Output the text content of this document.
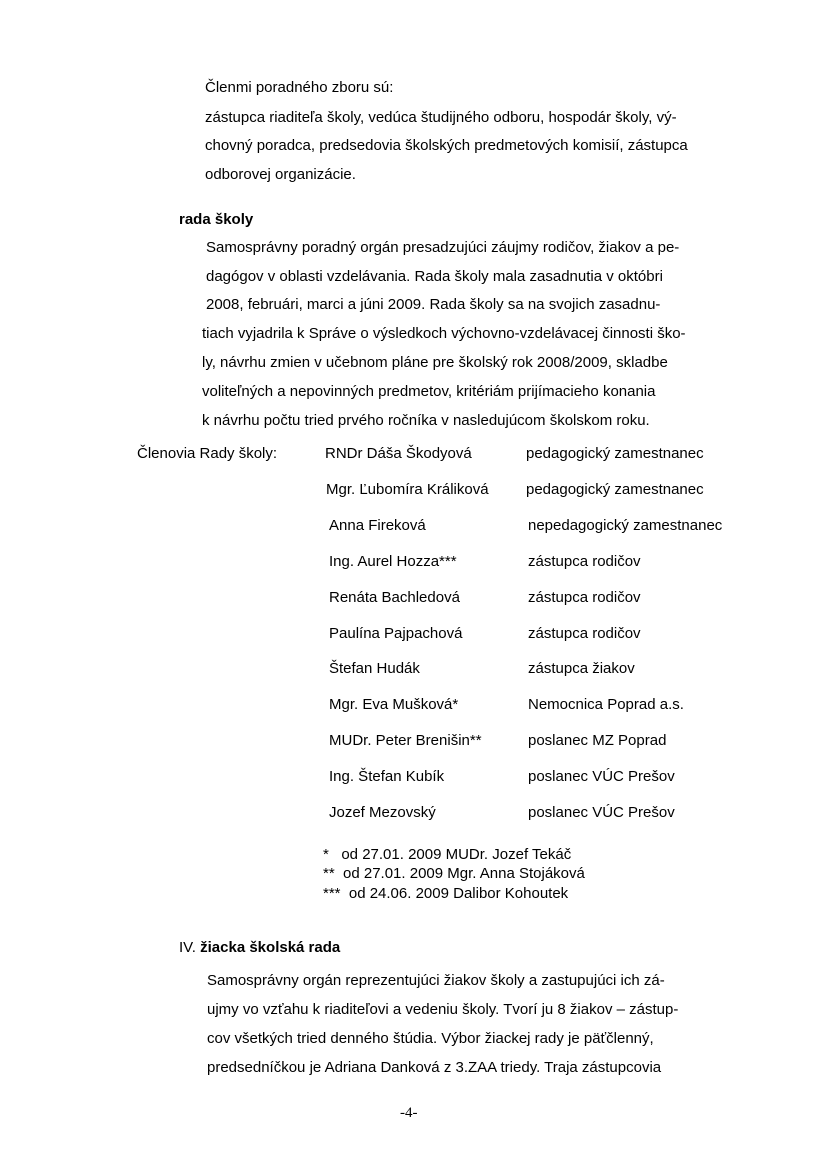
Členmi poradného zboru sú:
zástupca riaditeľa školy, vedúca študijného odboru, hospodár školy, vý-
chovný poradca, predsedovia školských predmetových komisií, zástupca
odborovej organizácie.
rada školy
Samosprávny poradný orgán presadzujúci záujmy rodičov, žiakov a pe-
dagógov v oblasti vzdelávania. Rada školy mala zasadnutia v októbri
2008, februári, marci a júni 2009. Rada školy sa na svojich zasadnu-
tiach vyjadrila k Správe o výsledkoch výchovno-vzdelávacej činnosti ško-
ly, návrhu zmien v učebnom pláne pre školský rok 2008/2009, skladbe
voliteľných a nepovinných predmetov, kritériám prijímacieho konania
k návrhu počtu tried prvého ročníka v nasledujúcom školskom roku.
Členovia Rady školy:	RNDr Dáša Škodyová	pedagogický zamestnanec
Mgr. Ľubomíra Králiková pedagogický zamestnanec
Anna Fireková	nepedagogický zamestnanec
Ing. Aurel Hozza***	zástupca rodičov
Renáta Bachledová	zástupca rodičov
Paulína Pajpachová	zástupca rodičov
Štefan Hudák	zástupca žiakov
Mgr. Eva Mušková*	Nemocnica Poprad a.s.
MUDr. Peter Brenišin**	poslanec MZ Poprad
Ing. Štefan Kubík	poslanec VÚC Prešov
Jozef Mezovský	poslanec VÚC Prešov
*   od 27.01. 2009 MUDr. Jozef Tekáč
**  od 27.01. 2009 Mgr. Anna Stojáková
***  od 24.06. 2009 Dalibor Kohoutek
IV. žiacka školská rada
Samosprávny orgán reprezentujúci žiakov školy a zastupujúci ich zá-
ujmy vo vzťahu k riaditeľovi a vedeniu školy. Tvorí ju 8 žiakov – zástup-
cov všetkých tried denného štúdia. Výbor žiackej rady je päťčlenný,
predsedníčkou je Adriana Danková z 3.ZAA triedy. Traja zástupcovia
-4-
